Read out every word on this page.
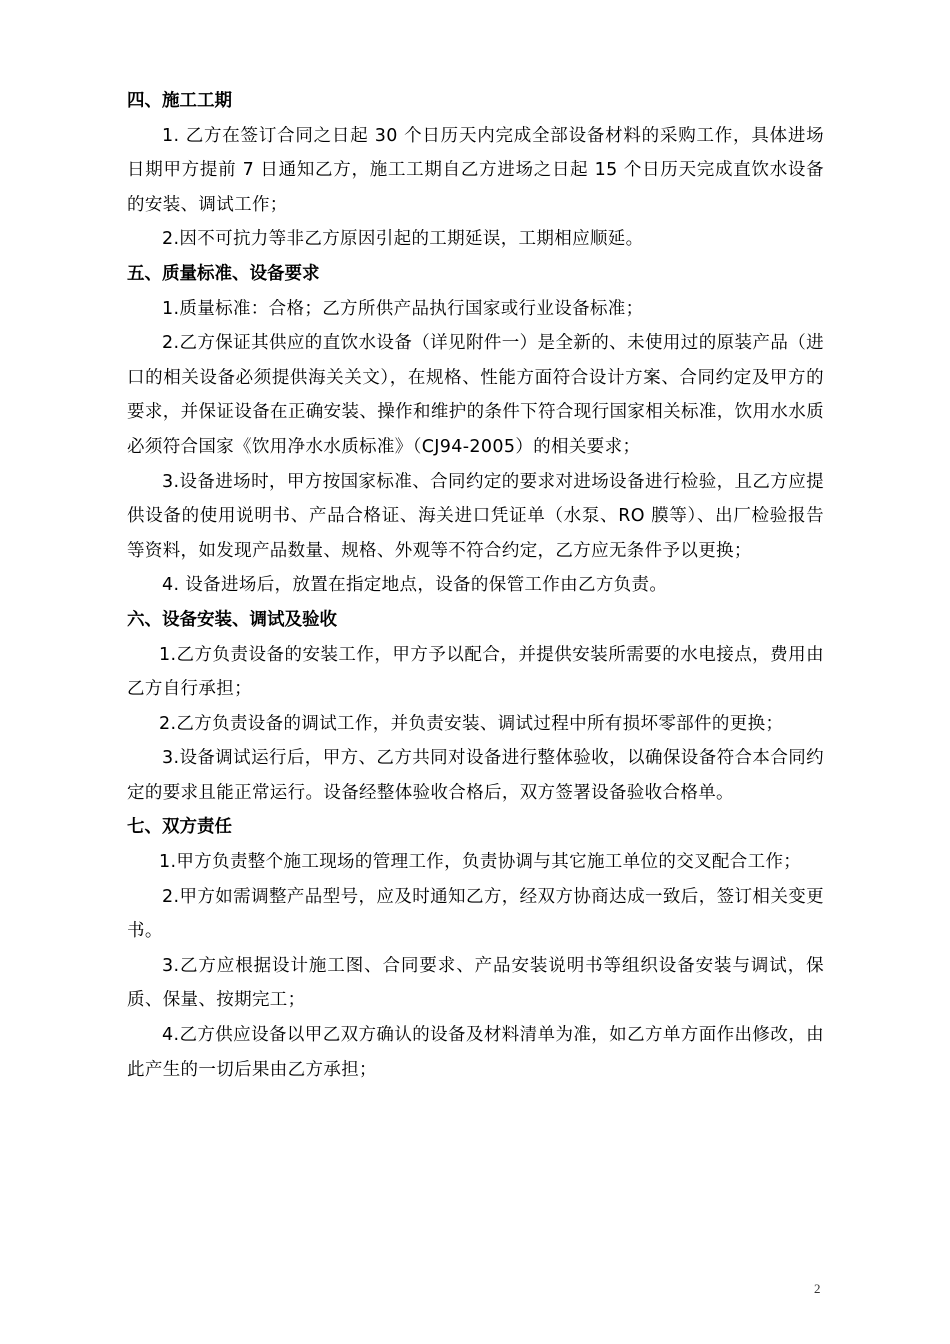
四、施工工期

1. 乙方在签订合同之日起 30 个日历天内完成全部设备材料的采购工作，具体进场日期甲方提前 7 日通知乙方，施工工期自乙方进场之日起 15 个日历天完成直饮水设备的安装、调试工作；

2.因不可抗力等非乙方原因引起的工期延误，工期相应顺延。

五、质量标准、设备要求

1.质量标准：合格；乙方所供产品执行国家或行业设备标准；

2.乙方保证其供应的直饮水设备（详见附件一）是全新的、未使用过的原装产品（进口的相关设备必须提供海关关文），在规格、性能方面符合设计方案、合同约定及甲方的要求，并保证设备在正确安装、操作和维护的条件下符合现行国家相关标准，饮用水水质必须符合国家《饮用净水水质标准》（CJ94-2005）的相关要求；

3.设备进场时，甲方按国家标准、合同约定的要求对进场设备进行检验，且乙方应提供设备的使用说明书、产品合格证、海关进口凭证单（水泵、RO 膜等）、出厂检验报告等资料，如发现产品数量、规格、外观等不符合约定，乙方应无条件予以更换；

4. 设备进场后，放置在指定地点，设备的保管工作由乙方负责。

六、设备安装、调试及验收

1.乙方负责设备的安装工作，甲方予以配合，并提供安装所需要的水电接点，费用由乙方自行承担；

2.乙方负责设备的调试工作，并负责安装、调试过程中所有损坏零部件的更换；

3.设备调试运行后，甲方、乙方共同对设备进行整体验收，以确保设备符合本合同约定的要求且能正常运行。设备经整体验收合格后，双方签署设备验收合格单。

七、双方责任

1.甲方负责整个施工现场的管理工作，负责协调与其它施工单位的交叉配合工作；

2.甲方如需调整产品型号，应及时通知乙方，经双方协商达成一致后，签订相关变更书。

3.乙方应根据设计施工图、合同要求、产品安装说明书等组织设备安装与调试，保质、保量、按期完工；

4.乙方供应设备以甲乙双方确认的设备及材料清单为准，如乙方单方面作出修改，由此产生的一切后果由乙方承担；

2
